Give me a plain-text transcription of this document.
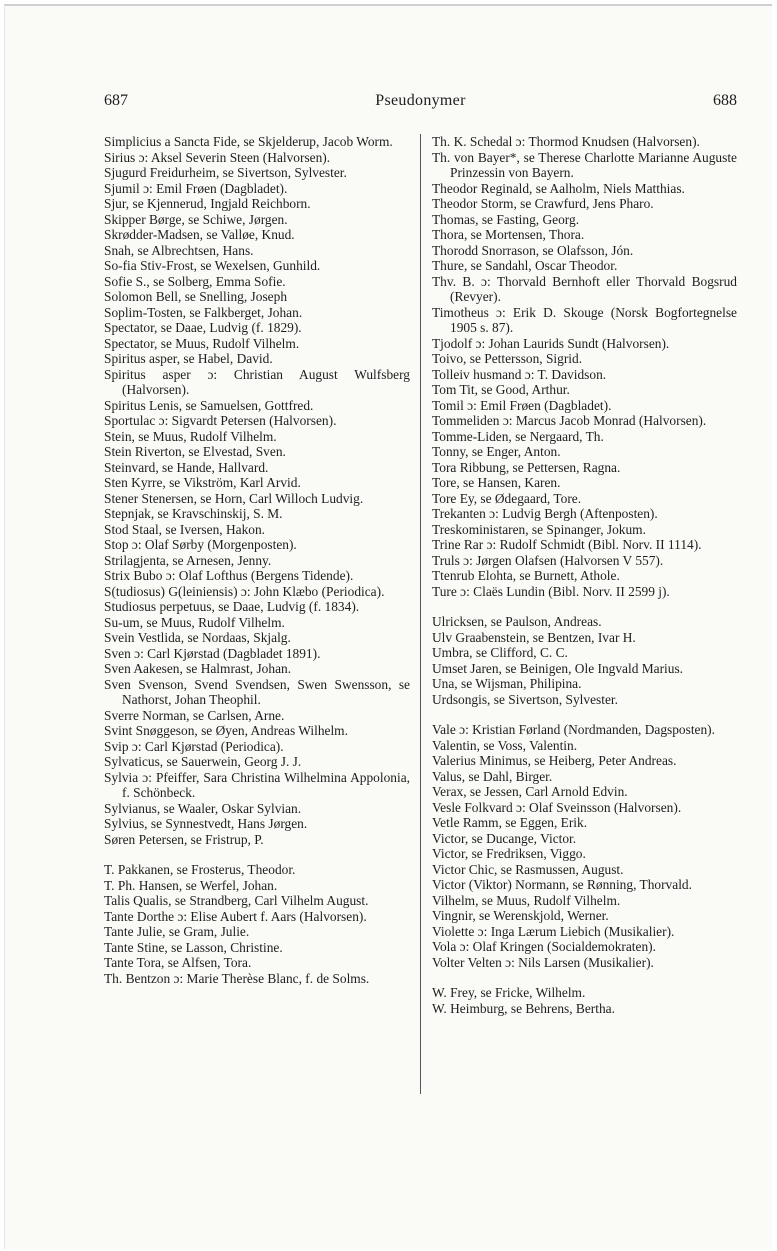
687	Pseudonymer	688
Simplicius a Sancta Fide, se Skjelderup, Jacob Worm.
Sirius ɔ: Aksel Severin Steen (Halvorsen).
Sjugurd Freidurheim, se Sivertson, Sylvester.
Sjumil ɔ: Emil Frøen (Dagbladet).
Sjur, se Kjennerud, Ingjald Reichborn.
Skipper Børge, se Schiwe, Jørgen.
Skrødder-Madsen, se Valløe, Knud.
Snah, se Albrechtsen, Hans.
So-fia Stiv-Frost, se Wexelsen, Gunhild.
Sofie S., se Solberg, Emma Sofie.
Solomon Bell, se Snelling, Joseph
Soplim-Tosten, se Falkberget, Johan.
Spectator, se Daae, Ludvig (f. 1829).
Spectator, se Muus, Rudolf Vilhelm.
Spiritus asper, se Habel, David.
Spiritus asper ɔ: Christian August Wulfsberg (Halvorsen).
Spiritus Lenis, se Samuelsen, Gottfred.
Sportulac ɔ: Sigvardt Petersen (Halvorsen).
Stein, se Muus, Rudolf Vilhelm.
Stein Riverton, se Elvestad, Sven.
Steinvard, se Hande, Hallvard.
Sten Kyrre, se Vikström, Karl Arvid.
Stener Stenersen, se Horn, Carl Willoch Ludvig.
Stepnjak, se Kravschinskij, S. M.
Stod Staal, se Iversen, Hakon.
Stop ɔ: Olaf Sørby (Morgenposten).
Strilagjenta, se Arnesen, Jenny.
Strix Bubo ɔ: Olaf Lofthus (Bergens Tidende).
S(tudiosus) G(leiniensis) ɔ: John Klæbo (Periodica).
Studiosus perpetuus, se Daae, Ludvig (f. 1834).
Su-um, se Muus, Rudolf Vilhelm.
Svein Vestlida, se Nordaas, Skjalg.
Sven ɔ: Carl Kjørstad (Dagbladet 1891).
Sven Aakesen, se Halmrast, Johan.
Sven Svenson, Svend Svendsen, Swen Swensson, se Nathorst, Johan Theophil.
Sverre Norman, se Carlsen, Arne.
Svint Snøggeson, se Øyen, Andreas Wilhelm.
Svip ɔ: Carl Kjørstad (Periodica).
Sylvaticus, se Sauerwein, Georg J. J.
Sylvia ɔ: Pfeiffer, Sara Christina Wilhelmina Appolonia, f. Schönbeck.
Sylvianus, se Waaler, Oskar Sylvian.
Sylvius, se Synnestvedt, Hans Jørgen.
Søren Petersen, se Fristrup, P.
T. Pakkanen, se Frosterus, Theodor.
T. Ph. Hansen, se Werfel, Johan.
Talis Qualis, se Strandberg, Carl Vilhelm August.
Tante Dorthe ɔ: Elise Aubert f. Aars (Halvorsen).
Tante Julie, se Gram, Julie.
Tante Stine, se Lasson, Christine.
Tante Tora, se Alfsen, Tora.
Th. Bentzon ɔ: Marie Therèse Blanc, f. de Solms.
Th. K. Schedal ɔ: Thormod Knudsen (Halvorsen).
Th. von Bayer*, se Therese Charlotte Marianne Auguste Prinzessin von Bayern.
Theodor Reginald, se Aalholm, Niels Matthias.
Theodor Storm, se Crawfurd, Jens Pharo.
Thomas, se Fasting, Georg.
Thora, se Mortensen, Thora.
Thorodd Snorrason, se Olafsson, Jón.
Thure, se Sandahl, Oscar Theodor.
Thv. B. ɔ: Thorvald Bernhoft eller Thorvald Bogsrud (Revyer).
Timotheus ɔ: Erik D. Skouge (Norsk Bogfortegnelse 1905 s. 87).
Tjodolf ɔ: Johan Laurids Sundt (Halvorsen).
Toivo, se Pettersson, Sigrid.
Tolleiv husmand ɔ: T. Davidson.
Tom Tit, se Good, Arthur.
Tomil ɔ: Emil Frøen (Dagbladet).
Tommeliden ɔ: Marcus Jacob Monrad (Halvorsen).
Tomme-Liden, se Nergaard, Th.
Tonny, se Enger, Anton.
Tora Ribbung, se Pettersen, Ragna.
Tore, se Hansen, Karen.
Tore Ey, se Ødegaard, Tore.
Trekanten ɔ: Ludvig Bergh (Aftenposten).
Treskoministaren, se Spinanger, Jokum.
Trine Rar ɔ: Rudolf Schmidt (Bibl. Norv. II 1114).
Truls ɔ: Jørgen Olafsen (Halvorsen V 557).
Ttenrub Elohta, se Burnett, Athole.
Ture ɔ: Claës Lundin (Bibl. Norv. II 2599 j).
Ulricksen, se Paulson, Andreas.
Ulv Graabenstein, se Bentzen, Ivar H.
Umbra, se Clifford, C. C.
Umset Jaren, se Beinigen, Ole Ingvald Marius.
Una, se Wijsman, Philipina.
Urdsongis, se Sivertson, Sylvester.
Vale ɔ: Kristian Førland (Nordmanden, Dagsposten).
Valentin, se Voss, Valentin.
Valerius Minimus, se Heiberg, Peter Andreas.
Valus, se Dahl, Birger.
Verax, se Jessen, Carl Arnold Edvin.
Vesle Folkvard ɔ: Olaf Sveinsson (Halvorsen).
Vetle Ramm, se Eggen, Erik.
Victor, se Ducange, Victor.
Victor, se Fredriksen, Viggo.
Victor Chic, se Rasmussen, August.
Victor (Viktor) Normann, se Rønning, Thorvald.
Vilhelm, se Muus, Rudolf Vilhelm.
Vingnir, se Werenskjold, Werner.
Violette ɔ: Inga Lærum Liebich (Musikalier).
Vola ɔ: Olaf Kringen (Socialdemokraten).
Volter Velten ɔ: Nils Larsen (Musikalier).
W. Frey, se Fricke, Wilhelm.
W. Heimburg, se Behrens, Bertha.
